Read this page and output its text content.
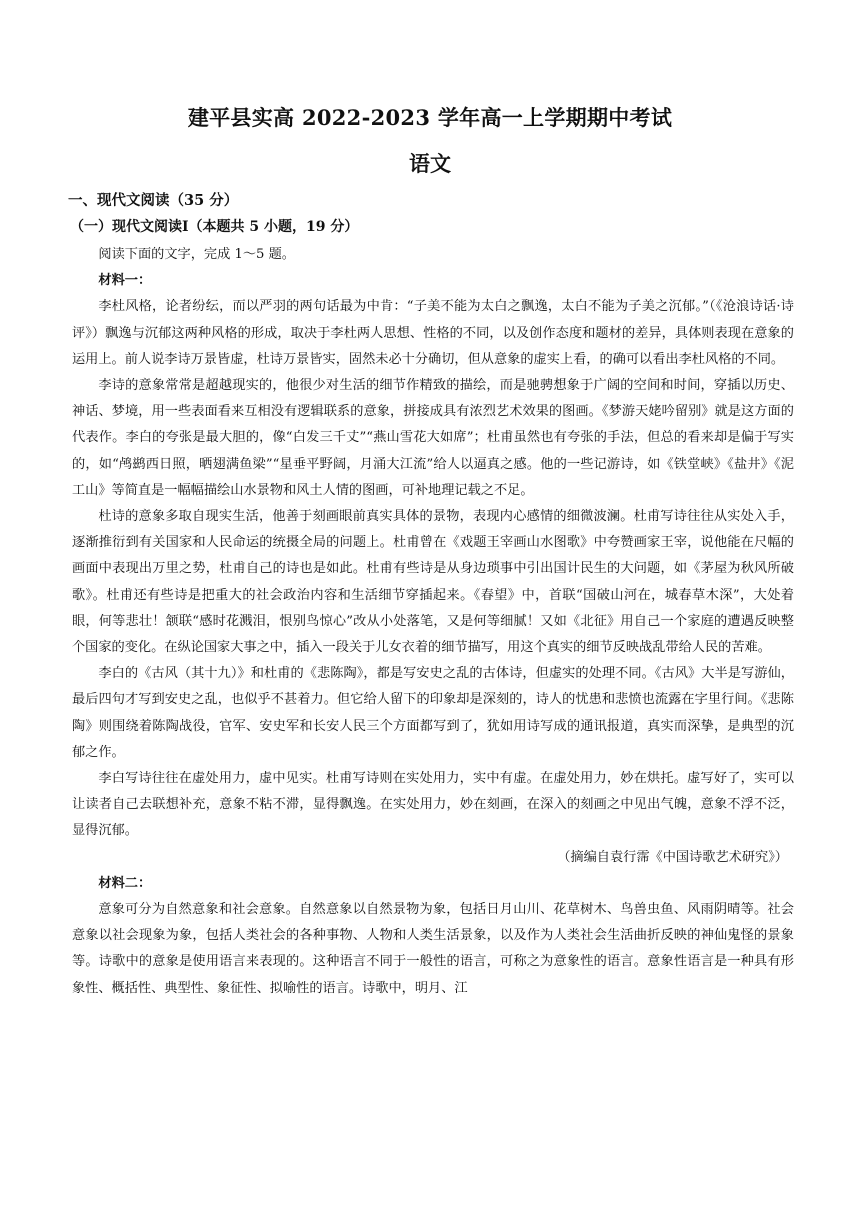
建平县实高 2022-2023 学年高一上学期期中考试
语文
一、现代文阅读（35 分）
（一）现代文阅读Ⅰ（本题共 5 小题，19 分）

阅读下面的文字，完成 1～5 题。

材料一：

李杜风格，论者纷纭，而以严羽的两句话最为中肯：“子美不能为太白之飘逸，太白不能为子美之沉郁。”（《沧浪诗话·诗评》）飘逸与沉郁这两种风格的形成，取决于李杜两人思想、性格的不同，以及创作态度和题材的差异，具体则表现在意象的运用上。前人说李诗万景皆虚，杜诗万景皆实，固然未必十分确切，但从意象的虚实上看，的确可以看出李杜风格的不同。

李诗的意象常常是超越现实的，他很少对生活的细节作精致的描绘，而是驰骋想象于广阔的空间和时间，穿插以历史、神话、梦境，用一些表面看来互相没有逻辑联系的意象，拼接成具有浓烈艺术效果的图画。《梦游天姥吟留别》就是这方面的代表作。李白的夸张是最大胆的，像“白发三千丈”“燕山雪花大如席”；杜甫虽然也有夸张的手法，但总的看来却是偏于写实的，如“鸬鹚西日照，晒翅满鱼梁”“星垂平野阔，月涌大江流”给人以逼真之感。他的一些记游诗，如《铁堂峡》《盐井》《泥工山》等简直是一幅幅描绘山水景物和风土人情的图画，可补地理记载之不足。

杜诗的意象多取自现实生活，他善于刻画眼前真实具体的景物，表现内心感情的细微波澜。杜甫写诗往往从实处入手，逐渐推衍到有关国家和人民命运的统摄全局的问题上。杜甫曾在《戏题王宰画山水图歌》中夸赞画家王宰，说他能在尺幅的画面中表现出万里之势，杜甫自己的诗也是如此。杜甫有些诗是从身边琐事中引出国计民生的大问题，如《茅屋为秋风所破歌》。杜甫还有些诗是把重大的社会政治内容和生活细节穿插起来。《春望》中，首联“国破山河在，城春草木深”，大处着眼，何等悲壮！颔联“感时花溅泪，恨别鸟惊心”改从小处落笔，又是何等细腻！又如《北征》用自己一个家庭的遭遇反映整个国家的变化。在纵论国家大事之中，插入一段关于儿女衣着的细节描写，用这个真实的细节反映战乱带给人民的苦难。

李白的《古风（其十九）》和杜甫的《悲陈陶》，都是写安史之乱的古体诗，但虚实的处理不同。《古风》大半是写游仙，最后四句才写到安史之乱，也似乎不甚着力。但它给人留下的印象却是深刻的，诗人的忧患和悲愤也流露在字里行间。《悲陈陶》则围绕着陈陶战役，官军、安史军和长安人民三个方面都写到了，犹如用诗写成的通讯报道，真实而深挚，是典型的沉郁之作。

李白写诗往往在虚处用力，虚中见实。杜甫写诗则在实处用力，实中有虚。在虚处用力，妙在烘托。虚写好了，实可以让读者自己去联想补充，意象不粘不滞，显得飘逸。在实处用力，妙在刻画，在深入的刻画之中见出气魄，意象不浮不泛，显得沉郁。

（摘编自袁行霈《中国诗歌艺术研究》）

材料二：

意象可分为自然意象和社会意象。自然意象以自然景物为象，包括日月山川、花草树木、鸟兽虫鱼、风雨阴晴等。社会意象以社会现象为象，包括人类社会的各种事物、人物和人类生活景象，以及作为人类社会生活曲折反映的神仙鬼怪的景象等。诗歌中的意象是使用语言来表现的。这种语言不同于一般性的语言，可称之为意象性的语言。意象性语言是一种具有形象性、概括性、典型性、象征性、拟喻性的语言。诗歌中，明月、江
